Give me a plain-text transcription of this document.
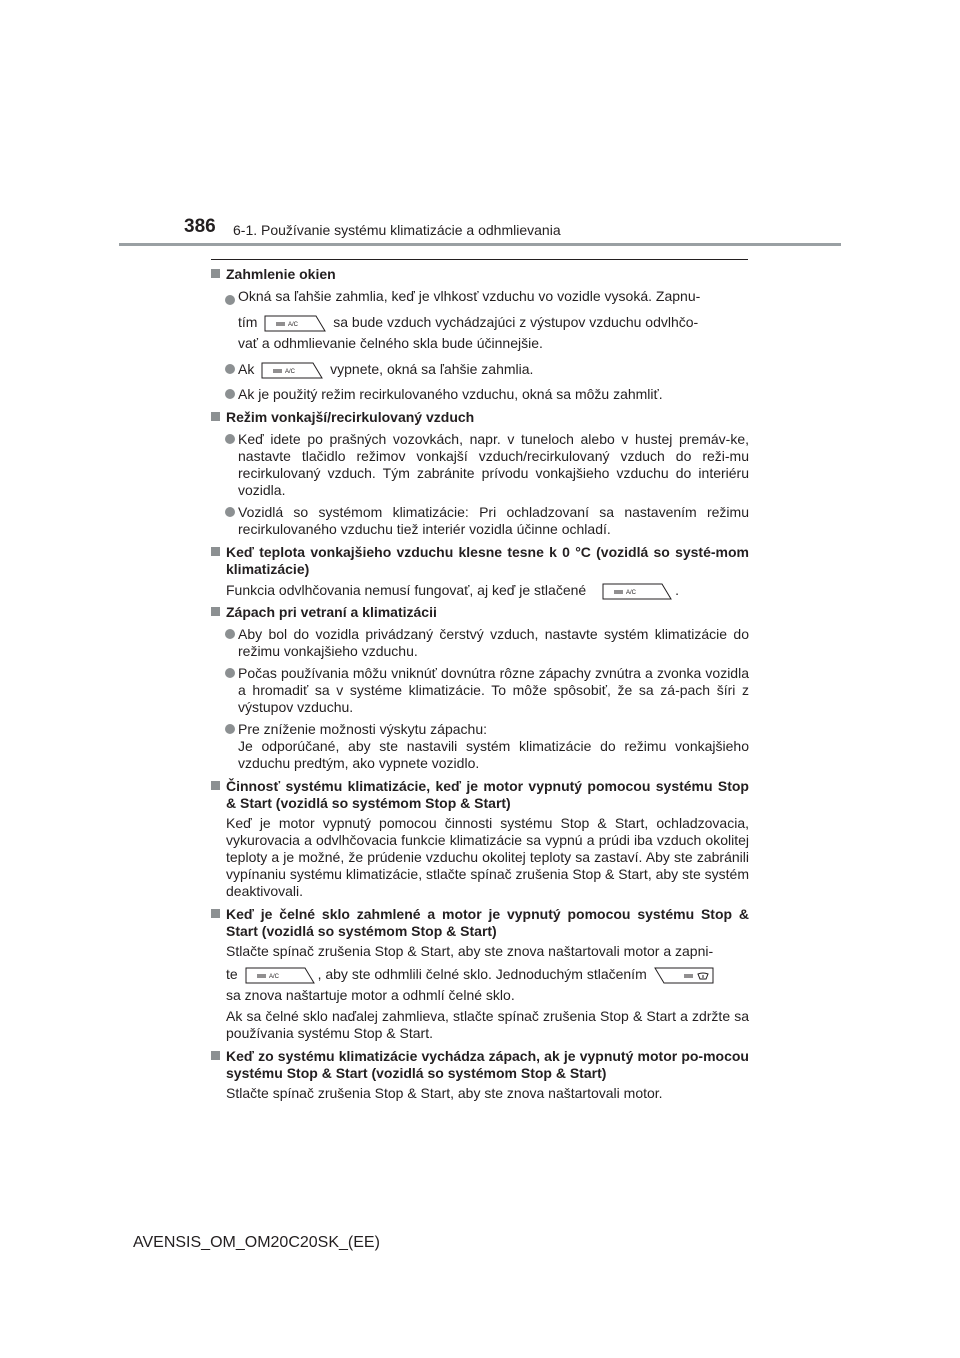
386 6-1. Používanie systému klimatizácie a odhmlievania
Zahmlenie okien
Okná sa ľahšie zahmlia, keď je vlhkosť vzduchu vo vozidle vysoká. Zapnu-

tím	A/C sa bude vzduch vychádzajúci z výstupov vzduchu odvlhčo-
vať a odhmlievanie čelného skla bude účinnejšie.
Ak	A/C vypnete, okná sa ľahšie zahmlia.
Ak je použitý režim recirkulovaného vzduchu, okná sa môžu zahmliť.
Režim vonkajší/recirkulovaný vzduch
Keď idete po prašných vozovkách, napr. v tuneloch alebo v hustej premáv-ke, nastavte tlačidlo režimov vonkajší vzduch/recirkulovaný vzduch do reži-mu recirkulovaný vzduch. Tým zabránite prívodu vonkajšieho vzduchu do interiéru vozidla.
Vozidlá so systémom klimatizácie: Pri ochladzovaní sa nastavením režimu recirkulovaného vzduchu tiež interiér vozidla účinne ochladí.
Keď teplota vonkajšieho vzduchu klesne tesne k 0 °C (vozidlá so systé-mom klimatizácie)
Funkcia odvlhčovania nemusí fungovať, aj keď je stlačené	A/C	.
Zápach pri vetraní a klimatizácii
Aby bol do vozidla privádzaný čerstvý vzduch, nastavte systém klimatizácie do režimu vonkajšieho vzduchu.
Počas používania môžu vniknúť dovnútra rôzne zápachy zvnútra a zvonka vozidla a hromadiť sa v systéme klimatizácie. To môže spôsobiť, že sa zá-pach šíri z výstupov vzduchu.
Pre zníženie možnosti výskytu zápachu:
Je odporúčané, aby ste nastavili systém klimatizácie do režimu vonkajšieho vzduchu predtým, ako vypnete vozidlo.
Činnosť systému klimatizácie, keď je motor vypnutý pomocou systému Stop & Start (vozidlá so systémom Stop & Start)
Keď je motor vypnutý pomocou činnosti systému Stop & Start, ochladzovacia, vykurovacia a odvlhčovacia funkcie klimatizácie sa vypnú a prúdi iba vzduch okolitej teploty a je možné, že prúdenie vzduchu okolitej teploty sa zastaví. Aby ste zabránili vypínaniu systému klimatizácie, stlačte spínač zrušenia Stop & Start, aby ste systém deaktivovali.
Keď je čelné sklo zahmlené a motor je vypnutý pomocou systému Stop & Start (vozidlá so systémom Stop & Start)
Stlačte spínač zrušenia Stop & Start, aby ste znova naštartovali motor a zapni-
te	A/C	, aby ste odhmlili čelné sklo. Jednoduchým stlačením
sa znova naštartuje motor a odhmlí čelné sklo.
Ak sa čelné sklo naďalej zahmlieva, stlačte spínač zrušenia Stop & Start a zdržte sa používania systému Stop & Start.
Keď zo systému klimatizácie vychádza zápach, ak je vypnutý motor po-mocou systému Stop & Start (vozidlá so systémom Stop & Start)
Stlačte spínač zrušenia Stop & Start, aby ste znova naštartovali motor.
AVENSIS_OM_OM20C20SK_(EE)
